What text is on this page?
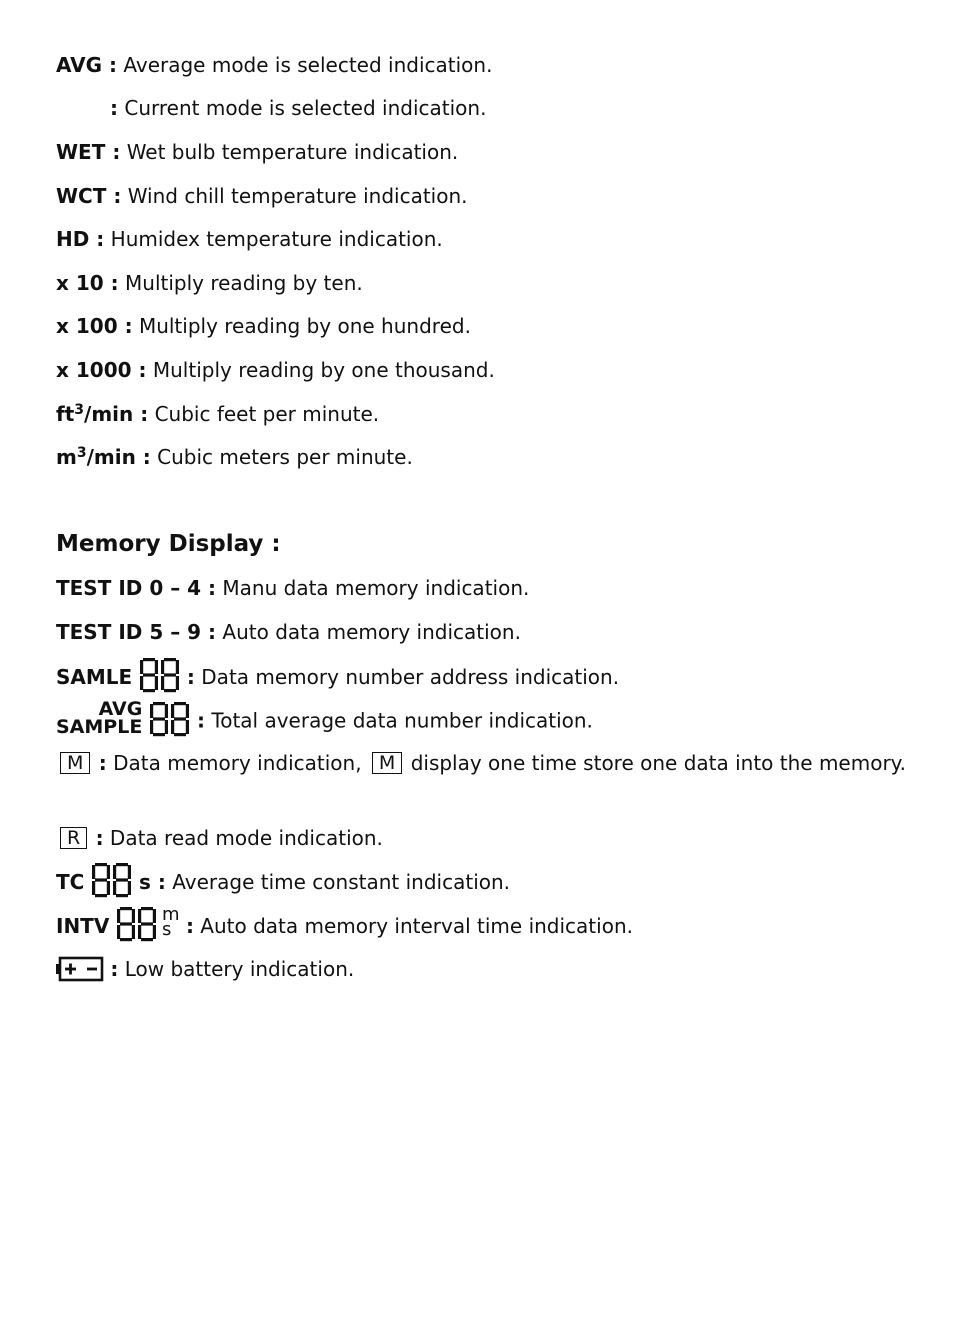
AVG : Average mode is selected indication.
: Current mode is selected indication.
WET : Wet bulb temperature indication.
WCT : Wind chill temperature indication.
HD : Humidex temperature indication.
x 10 : Multiply reading by ten.
x 100 : Multiply reading by one hundred.
x 1000 : Multiply reading by one thousand.
$ft^3/\min$ : Cubic feet per minute.
$m^3/\min$ : Cubic meters per minute.
Memory Display :
TEST ID 0 – 4 : Manu data memory indication.
TEST ID 5 – 9 : Auto data memory indication.
SAMLE	: Data memory number address indication.
AVG
SAMPLE	: Total average data number indication.
M : Data memory indication, M display one time store one data into the memory.
R : Data read mode indication.
TC	s : Average time constant indication.
INTV	m
s : Auto data memory interval time indication.
: Low battery indication.
